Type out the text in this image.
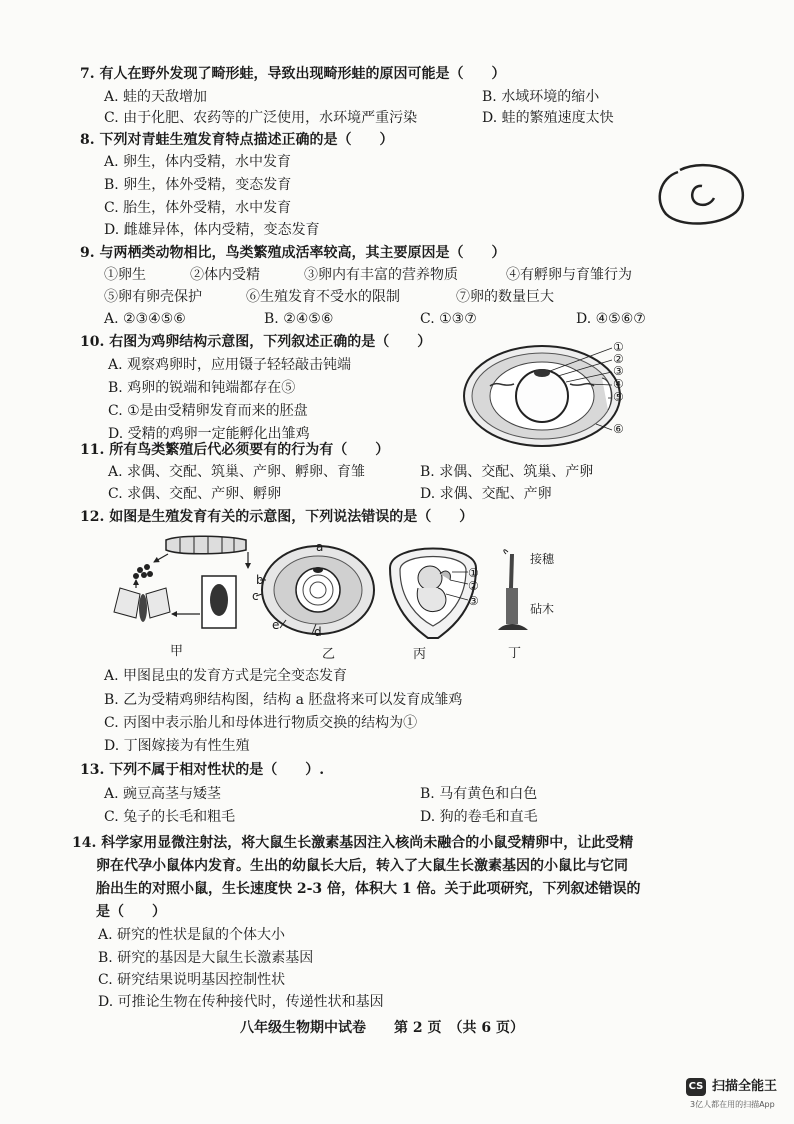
7. 有人在野外发现了畸形蛙，导致出现畸形蛙的原因可能是（　　）
A. 蛙的天敌增加	B. 水域环境的缩小
C. 由于化肥、农药等的广泛使用，水环境严重污染	D. 蛙的繁殖速度太快
8. 下列对青蛙生殖发育特点描述正确的是（　　）
A. 卵生，体内受精，水中发育
B. 卵生，体外受精，变态发育
C. 胎生，体外受精，水中发育
D. 雌雄异体，体内受精，变态发育
9. 与两栖类动物相比，鸟类繁殖成活率较高，其主要原因是（　　）
①卵生	②体内受精	③卵内有丰富的营养物质	④有孵卵与育雏行为
⑤卵有卵壳保护	⑥生殖发育不受水的限制	⑦卵的数量巨大
A. ②③④⑤⑥	B. ②④⑤⑥	C. ①③⑦	D. ④⑤⑥⑦
10. 右图为鸡卵结构示意图，下列叙述正确的是（　　）
A. 观察鸡卵时，应用镊子轻轻敲击钝端
B. 鸡卵的锐端和钝端都存在⑤
C. ①是由受精卵发育而来的胚盘
D. 受精的鸡卵一定能孵化出雏鸡
①
②
③
④
⑤
⑥
11. 所有鸟类繁殖后代必须要有的行为有（　　）
A. 求偶、交配、筑巢、产卵、孵卵、育雏	B. 求偶、交配、筑巢、产卵
C. 求偶、交配、产卵、孵卵	D. 求偶、交配、产卵
12. 如图是生殖发育有关的示意图，下列说法错误的是（　　）
甲
a
b
c
d
e
乙
①
②
③
丙
接穗
砧木
丁
A. 甲图昆虫的发育方式是完全变态发育
B. 乙为受精鸡卵结构图，结构 a 胚盘将来可以发育成雏鸡
C. 丙图中表示胎儿和母体进行物质交换的结构为①
D. 丁图嫁接为有性生殖
13. 下列不属于相对性状的是（　　）.
A. 豌豆高茎与矮茎	B. 马有黄色和白色
C. 兔子的长毛和粗毛	D. 狗的卷毛和直毛
14. 科学家用显微注射法，将大鼠生长激素基因注入核尚未融合的小鼠受精卵中，让此受精
卵在代孕小鼠体内发育。生出的幼鼠长大后，转入了大鼠生长激素基因的小鼠比与它同
胎出生的对照小鼠，生长速度快 2-3 倍，体积大 1 倍。关于此项研究，下列叙述错误的
是（　　）
A. 研究的性状是鼠的个体大小
B. 研究的基因是大鼠生长激素基因
C. 研究结果说明基因控制性状
D. 可推论生物在传种接代时，传递性状和基因
八年级生物期中试卷　　第 2 页　（共 6 页）
CS 扫描全能王
3亿人都在用的扫描App
